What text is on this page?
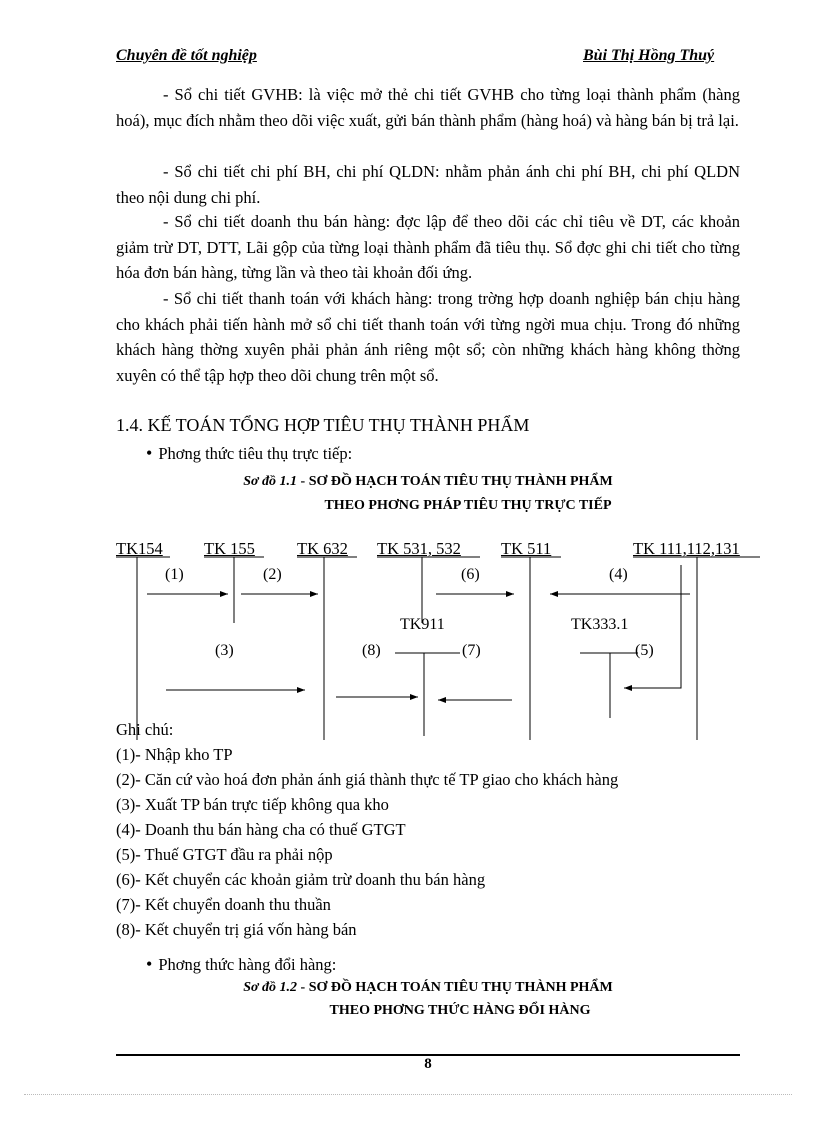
Chuyên đề tốt nghiệp	Bùi Thị Hồng Thuý
- Sổ chi tiết GVHB: là việc mở thẻ chi tiết GVHB cho từng loại thành phẩm (hàng hoá), mục đích nhằm theo dõi việc xuất, gửi bán thành phẩm (hàng hoá) và hàng bán bị trả lại.
- Sổ chi tiết chi phí BH, chi phí QLDN: nhằm phản ánh chi phí BH, chi phí QLDN theo nội dung chi phí.
- Sổ chi tiết doanh thu bán hàng: đợc lập để theo dõi các chỉ tiêu về DT, các khoản giảm trừ DT, DTT, Lãi gộp của từng loại thành phẩm đã tiêu thụ. Sổ đợc ghi chi tiết cho từng hóa đơn bán hàng, từng lần và theo tài khoản đối ứng.
- Sổ chi tiết thanh toán với khách hàng: trong trờng hợp doanh nghiệp bán chịu hàng cho khách phải tiến hành mở sổ chi tiết thanh toán với từng ngời mua chịu. Trong đó những khách hàng thờng xuyên phải phản ánh riêng một sổ; còn những khách hàng không thờng xuyên có thể tập hợp theo dõi chung trên một sổ.
1.4. KẾ TOÁN TỔNG HỢP TIÊU THỤ THÀNH PHẨM
• Phơng thức tiêu thụ trực tiếp:
Sơ đồ 1.1 - SƠ ĐỒ HẠCH TOÁN TIÊU THỤ THÀNH PHẨM
THEO PHƠNG PHÁP TIÊU THỤ TRỰC TIẾP
TK154	TK 155	TK 632 TK 531, 532 TK 511	TK 111,112,131
TK911	TK333.1
(1)	(2)	(6)	(4)
(3)	(8)	(7)	(5)
Ghi chú:
(1)- Nhập kho TP
(2)- Căn cứ vào hoá đơn phản ánh giá thành thực tế TP giao cho khách hàng
(3)- Xuất TP bán trực tiếp không qua kho
(4)- Doanh thu bán hàng cha có thuế GTGT
(5)- Thuế GTGT đầu ra phải nộp
(6)- Kết chuyển các khoản giảm trừ doanh thu bán hàng
(7)- Kết chuyển doanh thu thuần
(8)- Kết chuyển trị giá vốn hàng bán
• Phơng thức hàng đổi hàng:
Sơ đồ 1.2 - SƠ ĐỒ HẠCH TOÁN TIÊU THỤ THÀNH PHẨM
THEO PHƠNG THỨC HÀNG ĐỔI HÀNG
8
